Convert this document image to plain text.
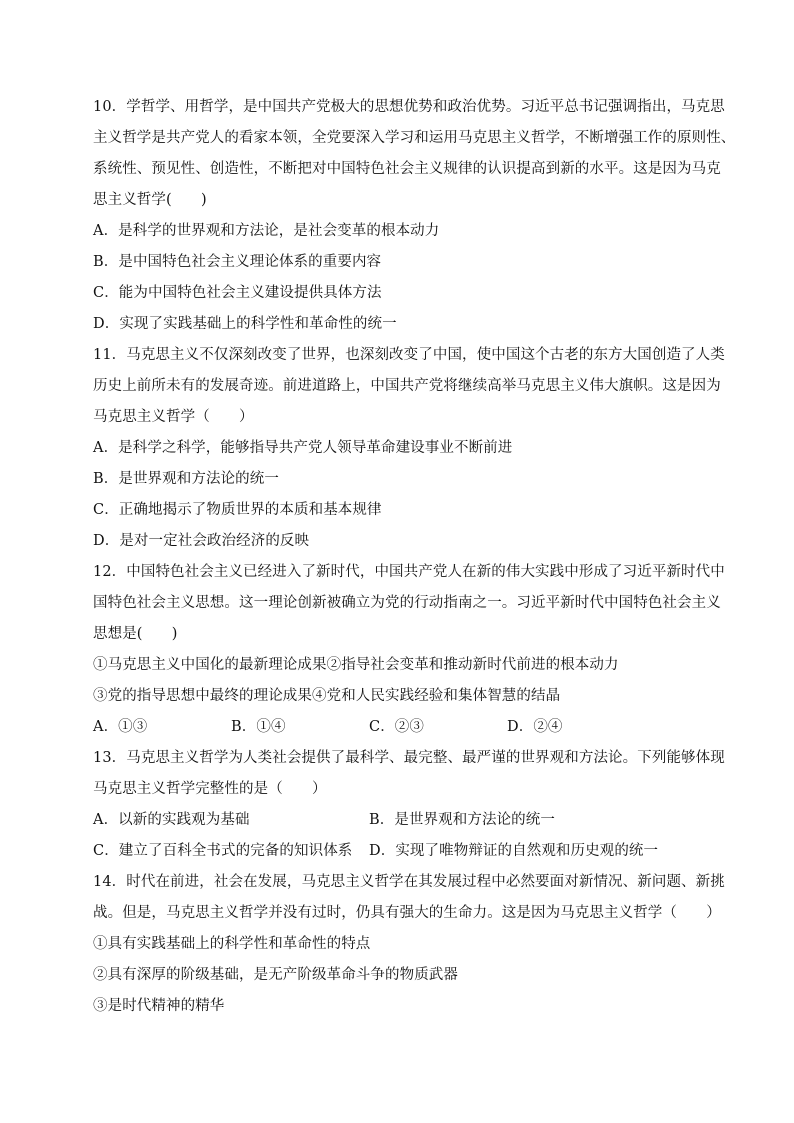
10．学哲学、用哲学，是中国共产党极大的思想优势和政治优势。习近平总书记强调指出，马克思
主义哲学是共产党人的看家本领，全党要深入学习和运用马克思主义哲学，不断增强工作的原则性、
系统性、预见性、创造性，不断把对中国特色社会主义规律的认识提高到新的水平。这是因为马克
思主义哲学(　　)
A．是科学的世界观和方法论，是社会变革的根本动力
B．是中国特色社会主义理论体系的重要内容
C．能为中国特色社会主义建设提供具体方法
D．实现了实践基础上的科学性和革命性的统一
11．马克思主义不仅深刻改变了世界，也深刻改变了中国，使中国这个古老的东方大国创造了人类
历史上前所未有的发展奇迹。前进道路上，中国共产党将继续高举马克思主义伟大旗帜。这是因为
马克思主义哲学（　　）
A．是科学之科学，能够指导共产党人领导革命建设事业不断前进
B．是世界观和方法论的统一
C．正确地揭示了物质世界的本质和基本规律
D．是对一定社会政治经济的反映
12．中国特色社会主义已经进入了新时代，中国共产党人在新的伟大实践中形成了习近平新时代中
国特色社会主义思想。这一理论创新被确立为党的行动指南之一。习近平新时代中国特色社会主义
思想是(　　)
①马克思主义中国化的最新理论成果②指导社会变革和推动新时代前进的根本动力
③党的指导思想中最终的理论成果④党和人民实践经验和集体智慧的结晶
A．①③	B．①④	C．②③	D．②④
13．马克思主义哲学为人类社会提供了最科学、最完整、最严谨的世界观和方法论。下列能够体现
马克思主义哲学完整性的是（　　）
A．以新的实践观为基础	B．是世界观和方法论的统一
C．建立了百科全书式的完备的知识体系	D．实现了唯物辩证的自然观和历史观的统一
14．时代在前进，社会在发展，马克思主义哲学在其发展过程中必然要面对新情况、新问题、新挑
战。但是，马克思主义哲学并没有过时，仍具有强大的生命力。这是因为马克思主义哲学（　　）
①具有实践基础上的科学性和革命性的特点
②具有深厚的阶级基础，是无产阶级革命斗争的物质武器
③是时代精神的精华
